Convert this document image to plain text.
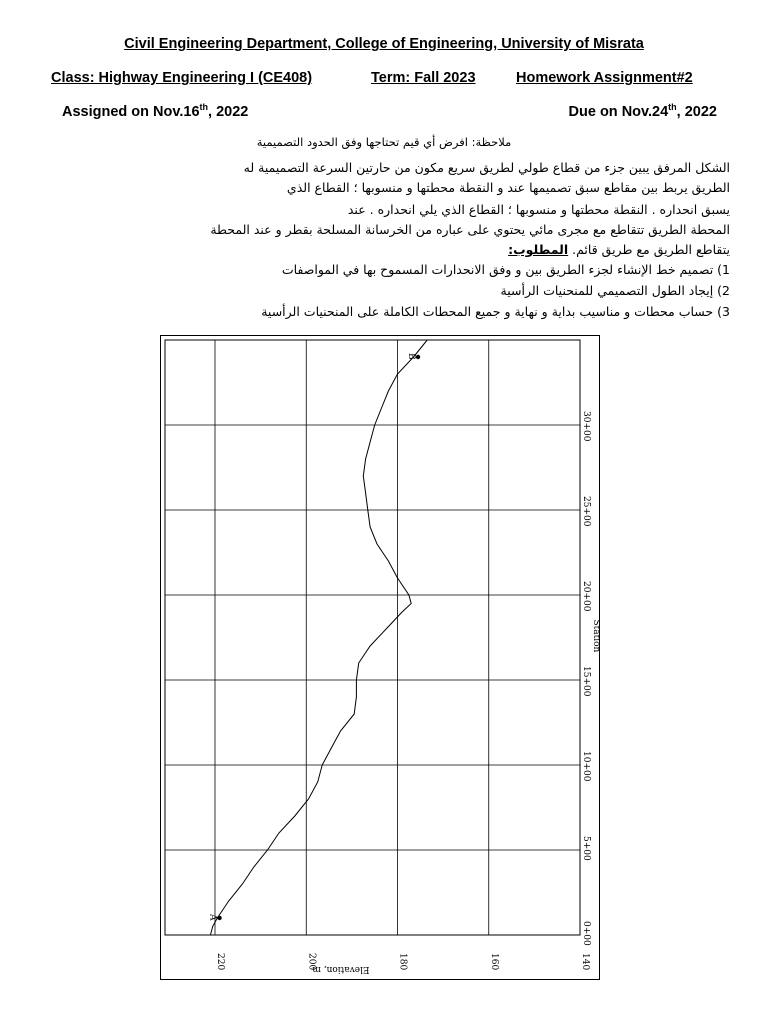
Civil Engineering Department, College of Engineering, University of Misrata
Class: Highway Engineering I (CE408)	Term: Fall 2023	Homework Assignment#2
Assigned on Nov.16th, 2022	Due on Nov.24th, 2022
ملاحظة: افرض أي قيم تحتاجها وفق الحدود التصميمية
الشكل المرفق يبين جزء من قطاع طولي لطريق سريع مكون من حارتين السرعة التصميمية له
الطريق يربط بين مقاطع سبق تصميمها عند و النقطة محطتها و منسوبها ؛ القطاع الذي
يسبق انحداره . النقطة محطتها و منسوبها ؛ القطاع الذي يلي انحداره . عند
المحطة الطريق تتقاطع مع مجرى مائي يحتوي على عباره من الخرسانة المسلحة بقطر و عند المحطة
يتقاطع الطريق مع طريق قائم. المطلوب:
1) تصميم خط الإنشاء لجزء الطريق بين و وفق الانحدارات المسموح بها في المواصفات
2) إيجاد الطول التصميمي للمنحنيات الرأسية
3) حساب محطات و مناسيب بداية و نهاية و جميع المحطات الكاملة على المنحنيات الرأسية
220	200	180	160	140
0+00
5+00
10+00
15+00
20+00
25+00
30+00
Station
Elevation, m
A
B
